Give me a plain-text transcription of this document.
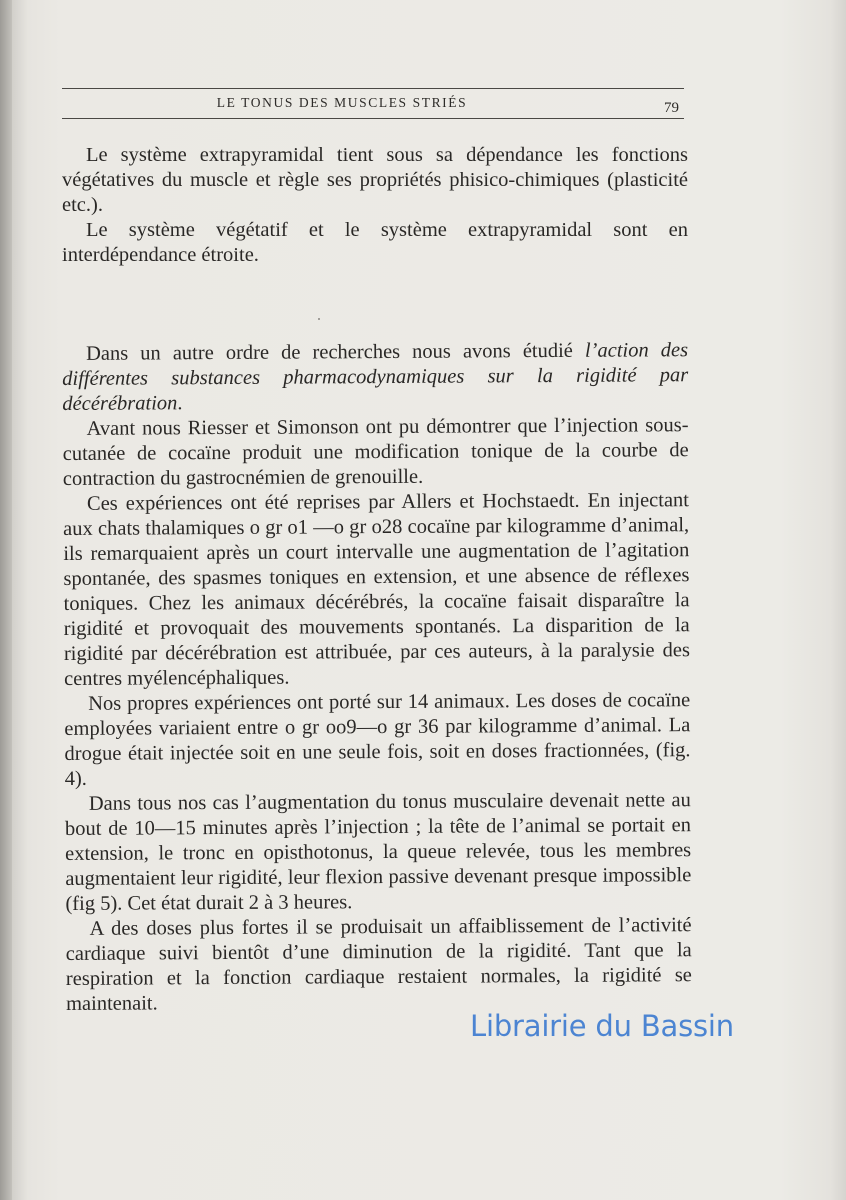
LE TONUS DES MUSCLES STRIÉS	79

Le système extrapyramidal tient sous sa dépendance les fonctions végétatives du muscle et règle ses propriétés phisico-chimiques (plasticité etc.).

Le système végétatif et le système extrapyramidal sont en interdépendance étroite.

Dans un autre ordre de recherches nous avons étudié l’action des différentes substances pharmacodynamiques sur la rigidité par décérébration.

Avant nous Riesser et Simonson ont pu démontrer que l’injection sous-cutanée de cocaïne produit une modification tonique de la courbe de contraction du gastrocnémien de grenouille.

Ces expériences ont été reprises par Allers et Hochstaedt. En injectant aux chats thalamiques o gr o1 —o gr o28 cocaïne par kilogramme d’animal, ils remarquaient après un court intervalle une augmentation de l’agitation spontanée, des spasmes toniques en extension, et une absence de réflexes toniques. Chez les animaux décérébrés, la cocaïne faisait disparaître la rigidité et provoquait des mouvements spontanés. La disparition de la rigidité par décérébration est attribuée, par ces auteurs, à la paralysie des centres myélencéphaliques.

Nos propres expériences ont porté sur 14 animaux. Les doses de cocaïne employées variaient entre o gr oo9—o gr 36 par kilogramme d’animal. La drogue était injectée soit en une seule fois, soit en doses fractionnées, (fig. 4).

Dans tous nos cas l’augmentation du tonus musculaire devenait nette au bout de 10—15 minutes après l’injection ; la tête de l’animal se portait en extension, le tronc en opisthotonus, la queue relevée, tous les membres augmentaient leur rigidité, leur flexion passive devenant presque impossible (fig 5). Cet état durait 2 à 3 heures.

A des doses plus fortes il se produisait un affaiblissement de l’activité cardiaque suivi bientôt d’une diminution de la rigidité. Tant que la respiration et la fonction cardiaque restaient normales, la rigidité se maintenait.

Librairie du Bassin
